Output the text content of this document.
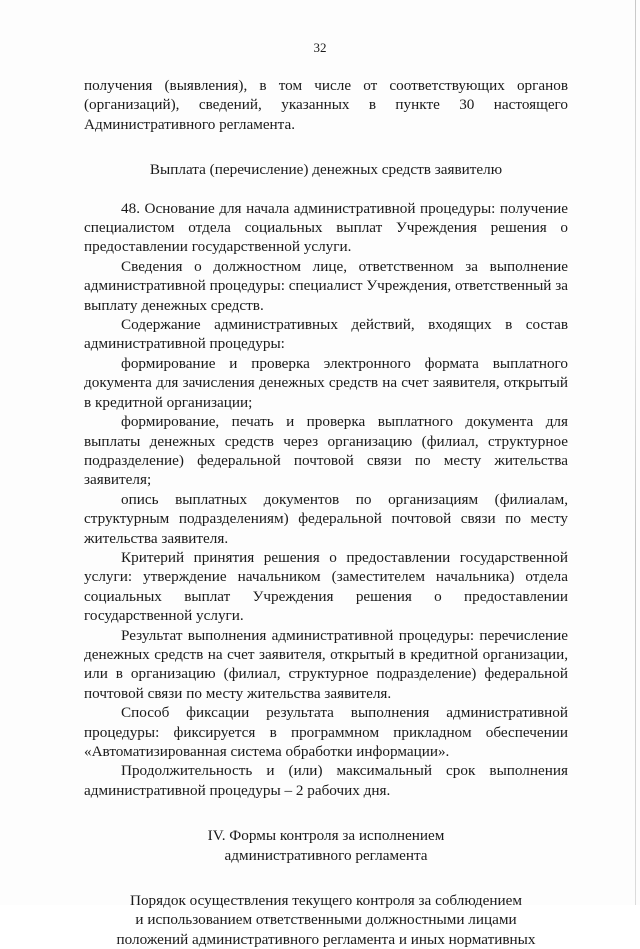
32

получения (выявления), в том числе от соответствующих органов (организаций), сведений, указанных в пункте 30 настоящего Административного регламента.

Выплата (перечисление) денежных средств заявителю

48. Основание для начала административной процедуры: получение специалистом отдела социальных выплат Учреждения решения о предоставлении государственной услуги.

Сведения о должностном лице, ответственном за выполнение административной процедуры: специалист Учреждения, ответственный за выплату денежных средств.

Содержание административных действий, входящих в состав административной процедуры:

формирование и проверка электронного формата выплатного документа для зачисления денежных средств на счет заявителя, открытый в кредитной организации;

формирование, печать и проверка выплатного документа для выплаты денежных средств через организацию (филиал, структурное подразделение) федеральной почтовой связи по месту жительства заявителя;

опись выплатных документов по организациям (филиалам, структурным подразделениям) федеральной почтовой связи по месту жительства заявителя.

Критерий принятия решения о предоставлении государственной услуги: утверждение начальником (заместителем начальника) отдела социальных выплат Учреждения решения о предоставлении государственной услуги.

Результат выполнения административной процедуры: перечисление денежных средств на счет заявителя, открытый в кредитной организации, или в организацию (филиал, структурное подразделение) федеральной почтовой связи по месту жительства заявителя.

Способ фиксации результата выполнения административной процедуры: фиксируется в программном прикладном обеспечении «Автоматизированная система обработки информации».

Продолжительность и (или) максимальный срок выполнения административной процедуры – 2 рабочих дня.

IV. Формы контроля за исполнением

административного регламента

Порядок осуществления текущего контроля за соблюдением

и использованием ответственными должностными лицами

положений административного регламента и иных нормативных
